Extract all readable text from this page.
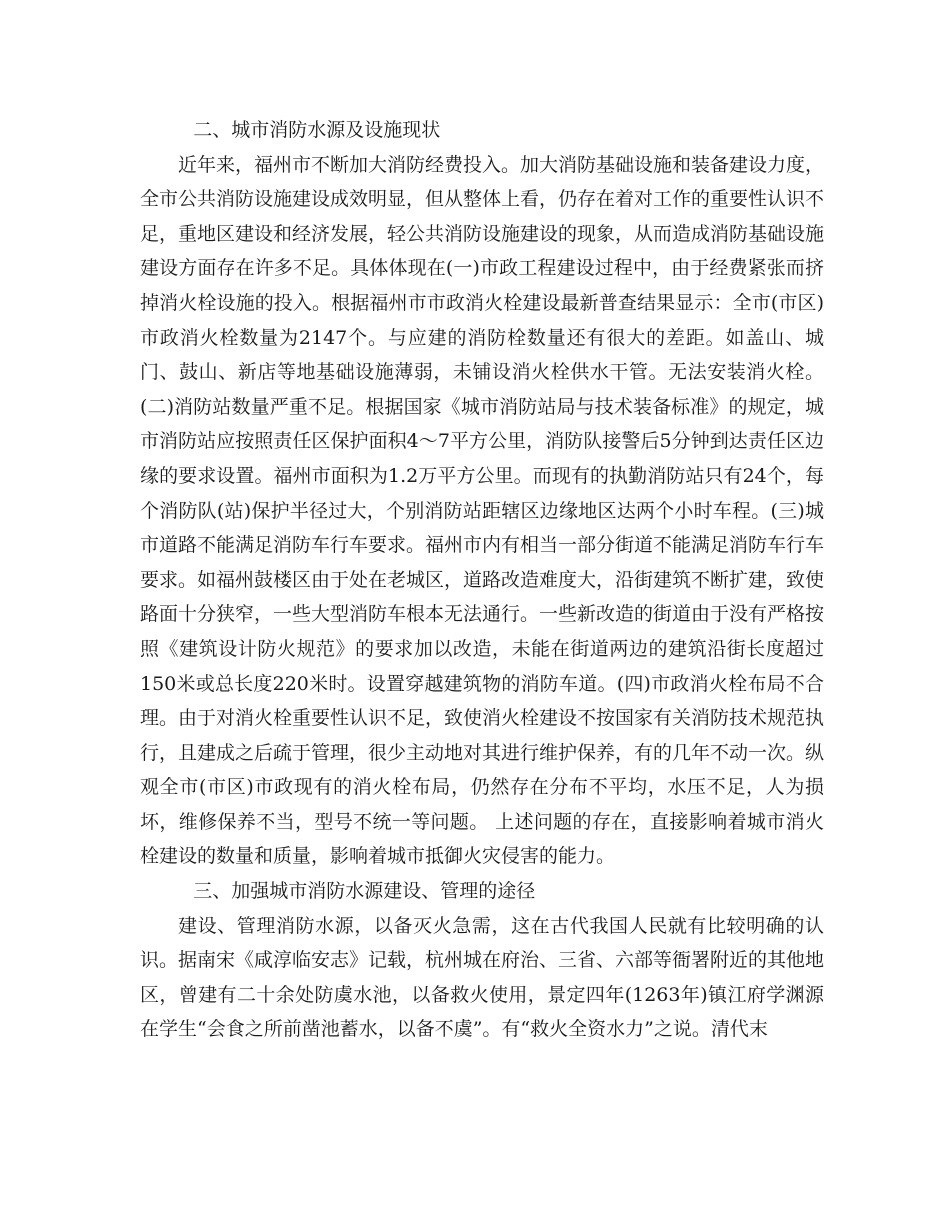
二、城市消防水源及设施现状

近年来，福州市不断加大消防经费投入。加大消防基础设施和装备建设力度，全市公共消防设施建设成效明显，但从整体上看，仍存在着对工作的重要性认识不足，重地区建设和经济发展，轻公共消防设施建设的现象，从而造成消防基础设施建设方面存在许多不足。具体体现在(一)市政工程建设过程中，由于经费紧张而挤掉消火栓设施的投入。根据福州市市政消火栓建设最新普查结果显示：全市(市区)市政消火栓数量为2147个。与应建的消防栓数量还有很大的差距。如盖山、城门、鼓山、新店等地基础设施薄弱，未铺设消火栓供水干管。无法安装消火栓。(二)消防站数量严重不足。根据国家《城市消防站局与技术装备标准》的规定，城市消防站应按照责任区保护面积4～7平方公里，消防队接警后5分钟到达责任区边缘的要求设置。福州市面积为1.2万平方公里。而现有的执勤消防站只有24个，每个消防队(站)保护半径过大，个别消防站距辖区边缘地区达两个小时车程。(三)城市道路不能满足消防车行车要求。福州市内有相当一部分街道不能满足消防车行车要求。如福州鼓楼区由于处在老城区，道路改造难度大，沿街建筑不断扩建，致使路面十分狭窄，一些大型消防车根本无法通行。一些新改造的街道由于没有严格按照《建筑设计防火规范》的要求加以改造，未能在街道两边的建筑沿街长度超过150米或总长度220米时。设置穿越建筑物的消防车道。(四)市政消火栓布局不合理。由于对消火栓重要性认识不足，致使消火栓建设不按国家有关消防技术规范执行，且建成之后疏于管理，很少主动地对其进行维护保养，有的几年不动一次。纵观全市(市区)市政现有的消火栓布局，仍然存在分布不平均，水压不足，人为损坏，维修保养不当，型号不统一等问题。 上述问题的存在，直接影响着城市消火栓建设的数量和质量，影响着城市抵御火灾侵害的能力。

三、加强城市消防水源建设、管理的途径

建设、管理消防水源，以备灭火急需，这在古代我国人民就有比较明确的认识。据南宋《咸淳临安志》记载，杭州城在府治、三省、六部等衙署附近的其他地区，曾建有二十余处防虞水池，以备救火使用，景定四年(1263年)镇江府学渊源在学生“会食之所前凿池蓄水，以备不虞”。有“救火全资水力”之说。清代末
